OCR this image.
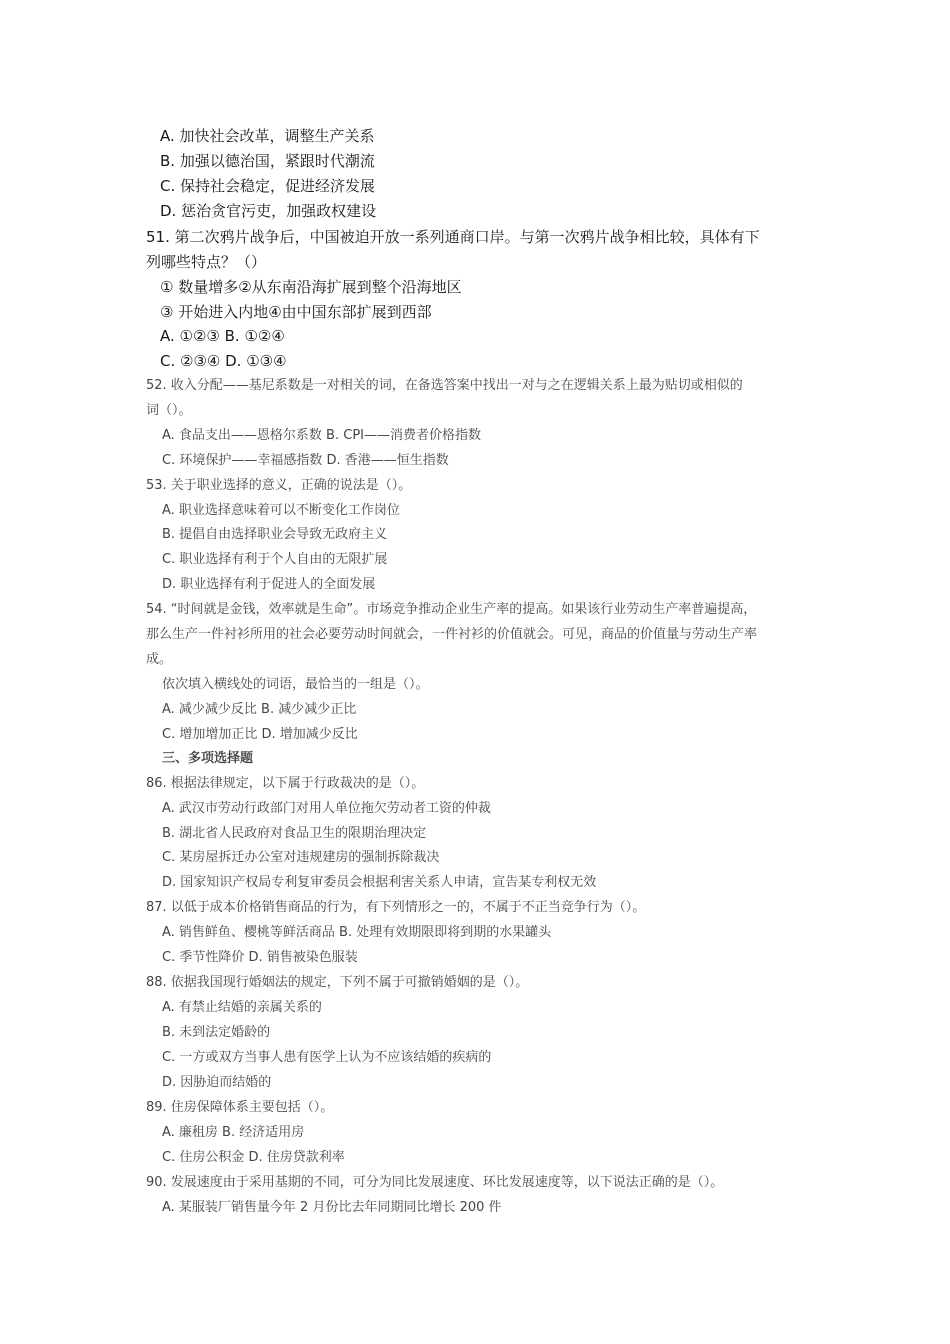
A. 加快社会改革，调整生产关系
B. 加强以德治国，紧跟时代潮流
C. 保持社会稳定，促进经济发展
D. 惩治贪官污吏，加强政权建设
51. 第二次鸦片战争后，中国被迫开放一系列通商口岸。与第一次鸦片战争相比较，具体有下
列哪些特点？（）
① 数量增多②从东南沿海扩展到整个沿海地区
③ 开始进入内地④由中国东部扩展到西部
A. ①②③ B. ①②④
C. ②③④ D. ①③④
52. 收入分配——基尼系数是一对相关的词，在备选答案中找出一对与之在逻辑关系上最为贴切或相似的
词（）。
A. 食品支出——恩格尔系数 B. CPI——消费者价格指数
C. 环境保护——幸福感指数 D. 香港——恒生指数
53. 关于职业选择的意义，正确的说法是（）。
A. 职业选择意味着可以不断变化工作岗位
B. 提倡自由选择职业会导致无政府主义
C. 职业选择有利于个人自由的无限扩展
D. 职业选择有利于促进人的全面发展
54. “时间就是金钱，效率就是生命”。市场竞争推动企业生产率的提高。如果该行业劳动生产率普遍提高，
那么生产一件衬衫所用的社会必要劳动时间就会，一件衬衫的价值就会。可见，商品的价值量与劳动生产率
成。
依次填入横线处的词语，最恰当的一组是（）。
A. 减少减少反比 B. 减少减少正比
C. 增加增加正比 D. 增加减少反比
三、多项选择题
86. 根据法律规定，以下属于行政裁决的是（）。
A. 武汉市劳动行政部门对用人单位拖欠劳动者工资的仲裁
B. 湖北省人民政府对食品卫生的限期治理决定
C. 某房屋拆迁办公室对违规建房的强制拆除裁决
D. 国家知识产权局专利复审委员会根据利害关系人申请，宣告某专利权无效
87. 以低于成本价格销售商品的行为，有下列情形之一的，不属于不正当竞争行为（）。
A. 销售鲜鱼、樱桃等鲜活商品 B. 处理有效期限即将到期的水果罐头
C. 季节性降价 D. 销售被染色服装
88. 依据我国现行婚姻法的规定，下列不属于可撤销婚姻的是（）。
A. 有禁止结婚的亲属关系的
B. 未到法定婚龄的
C. 一方或双方当事人患有医学上认为不应该结婚的疾病的
D. 因胁迫而结婚的
89. 住房保障体系主要包括（）。
A. 廉租房 B. 经济适用房
C. 住房公积金 D. 住房贷款利率
90. 发展速度由于采用基期的不同，可分为同比发展速度、环比发展速度等，以下说法正确的是（）。
A. 某服装厂销售量今年 2 月份比去年同期同比增长 200 件
